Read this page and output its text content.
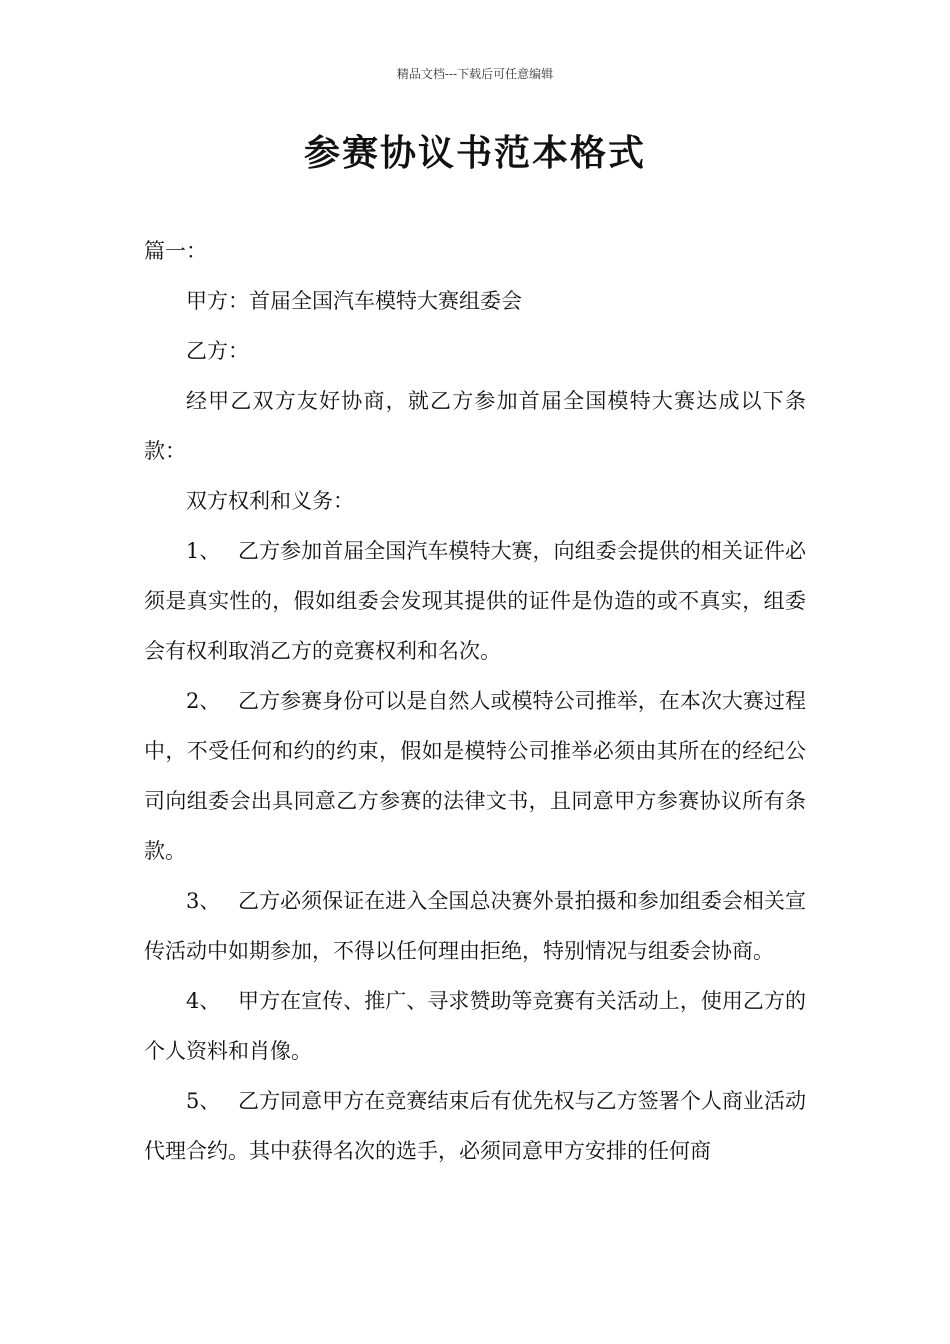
精品文档---下载后可任意编辑
参赛协议书范本格式

篇一：

甲方：首届全国汽车模特大赛组委会

乙方：

经甲乙双方友好协商，就乙方参加首届全国模特大赛达成以下条款：

双方权利和义务：

1、 乙方参加首届全国汽车模特大赛，向组委会提供的相关证件必须是真实性的，假如组委会发现其提供的证件是伪造的或不真实，组委会有权利取消乙方的竞赛权利和名次。

2、 乙方参赛身份可以是自然人或模特公司推举，在本次大赛过程中，不受任何和约的约束，假如是模特公司推举必须由其所在的经纪公司向组委会出具同意乙方参赛的法律文书，且同意甲方参赛协议所有条款。

3、 乙方必须保证在进入全国总决赛外景拍摄和参加组委会相关宣传活动中如期参加，不得以任何理由拒绝，特别情况与组委会协商。

4、 甲方在宣传、推广、寻求赞助等竞赛有关活动上，使用乙方的个人资料和肖像。

5、 乙方同意甲方在竞赛结束后有优先权与乙方签署个人商业活动代理合约。其中获得名次的选手，必须同意甲方安排的任何商
